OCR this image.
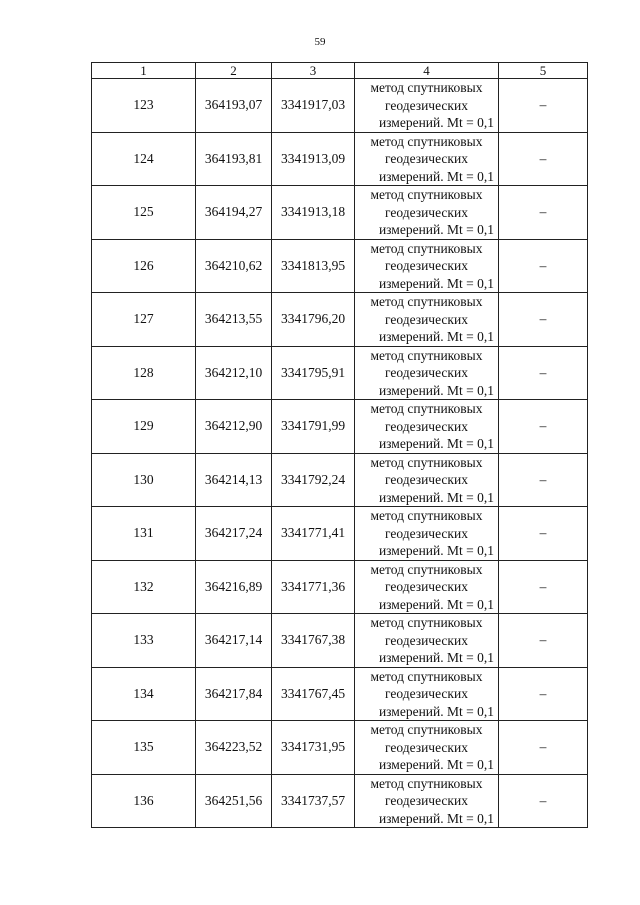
59
1	2	3	4	5
123	364193,07	3341917,03	метод спутниковых
геодезических
измерений. Mt = 0,1	–
124	364193,81	3341913,09	метод спутниковых
геодезических
измерений. Mt = 0,1	–
125	364194,27	3341913,18	метод спутниковых
геодезических
измерений. Mt = 0,1	–
126	364210,62	3341813,95	метод спутниковых
геодезических
измерений. Mt = 0,1	–
127	364213,55	3341796,20	метод спутниковых
геодезических
измерений. Mt = 0,1	–
128	364212,10	3341795,91	метод спутниковых
геодезических
измерений. Mt = 0,1	–
129	364212,90	3341791,99	метод спутниковых
геодезических
измерений. Mt = 0,1	–
130	364214,13	3341792,24	метод спутниковых
геодезических
измерений. Mt = 0,1	–
131	364217,24	3341771,41	метод спутниковых
геодезических
измерений. Mt = 0,1	–
132	364216,89	3341771,36	метод спутниковых
геодезических
измерений. Mt = 0,1	–
133	364217,14	3341767,38	метод спутниковых
геодезических
измерений. Mt = 0,1	–
134	364217,84	3341767,45	метод спутниковых
геодезических
измерений. Mt = 0,1	–
135	364223,52	3341731,95	метод спутниковых
геодезических
измерений. Mt = 0,1	–
136	364251,56	3341737,57	метод спутниковых
геодезических
измерений. Mt = 0,1	–
